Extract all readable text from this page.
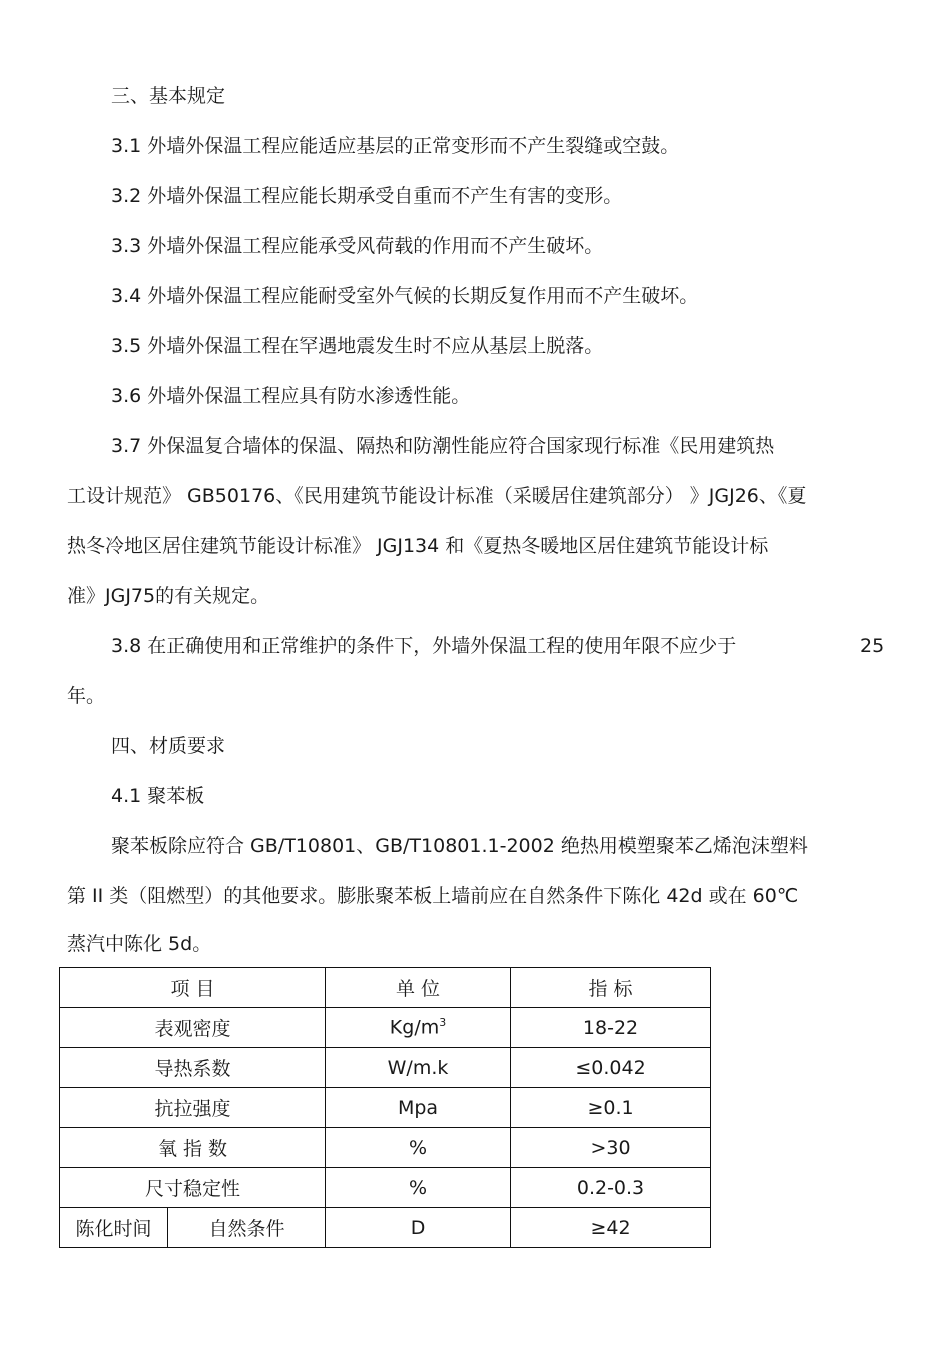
三、基本规定
3.1 外墙外保温工程应能适应基层的正常变形而不产生裂缝或空鼓。
3.2 外墙外保温工程应能长期承受自重而不产生有害的变形。
3.3 外墙外保温工程应能承受风荷载的作用而不产生破坏。
3.4 外墙外保温工程应能耐受室外气候的长期反复作用而不产生破坏。
3.5 外墙外保温工程在罕遇地震发生时不应从基层上脱落。
3.6 外墙外保温工程应具有防水渗透性能。
3.7 外保温复合墙体的保温、隔热和防潮性能应符合国家现行标准《民用建筑热
工设计规范》 GB50176、《民用建筑节能设计标准（采暖居住建筑部分） 》JGJ26、《夏
热冬冷地区居住建筑节能设计标准》 JGJ134 和《夏热冬暖地区居住建筑节能设计标
准》JGJ75的有关规定。
3.8 在正确使用和正常维护的条件下，外墙外保温工程的使用年限不应少于	25
年。
四、材质要求
4.1 聚苯板
聚苯板除应符合 GB/T10801、GB/T10801.1-2002 绝热用模塑聚苯乙烯泡沫塑料
第 II 类（阻燃型）的其他要求。膨胀聚苯板上墙前应在自然条件下陈化 42d 或在 60℃
蒸汽中陈化 5d。
项 目		单 位	指 标
表观密度		$Kg/m^3$	18-22
导热系数		W/m.k	≤0.042
抗拉强度		Mpa	≥0.1
氧 指 数		%	>30
尺寸稳定性		%	0.2-0.3
陈化时间	自然条件	D	≥42
